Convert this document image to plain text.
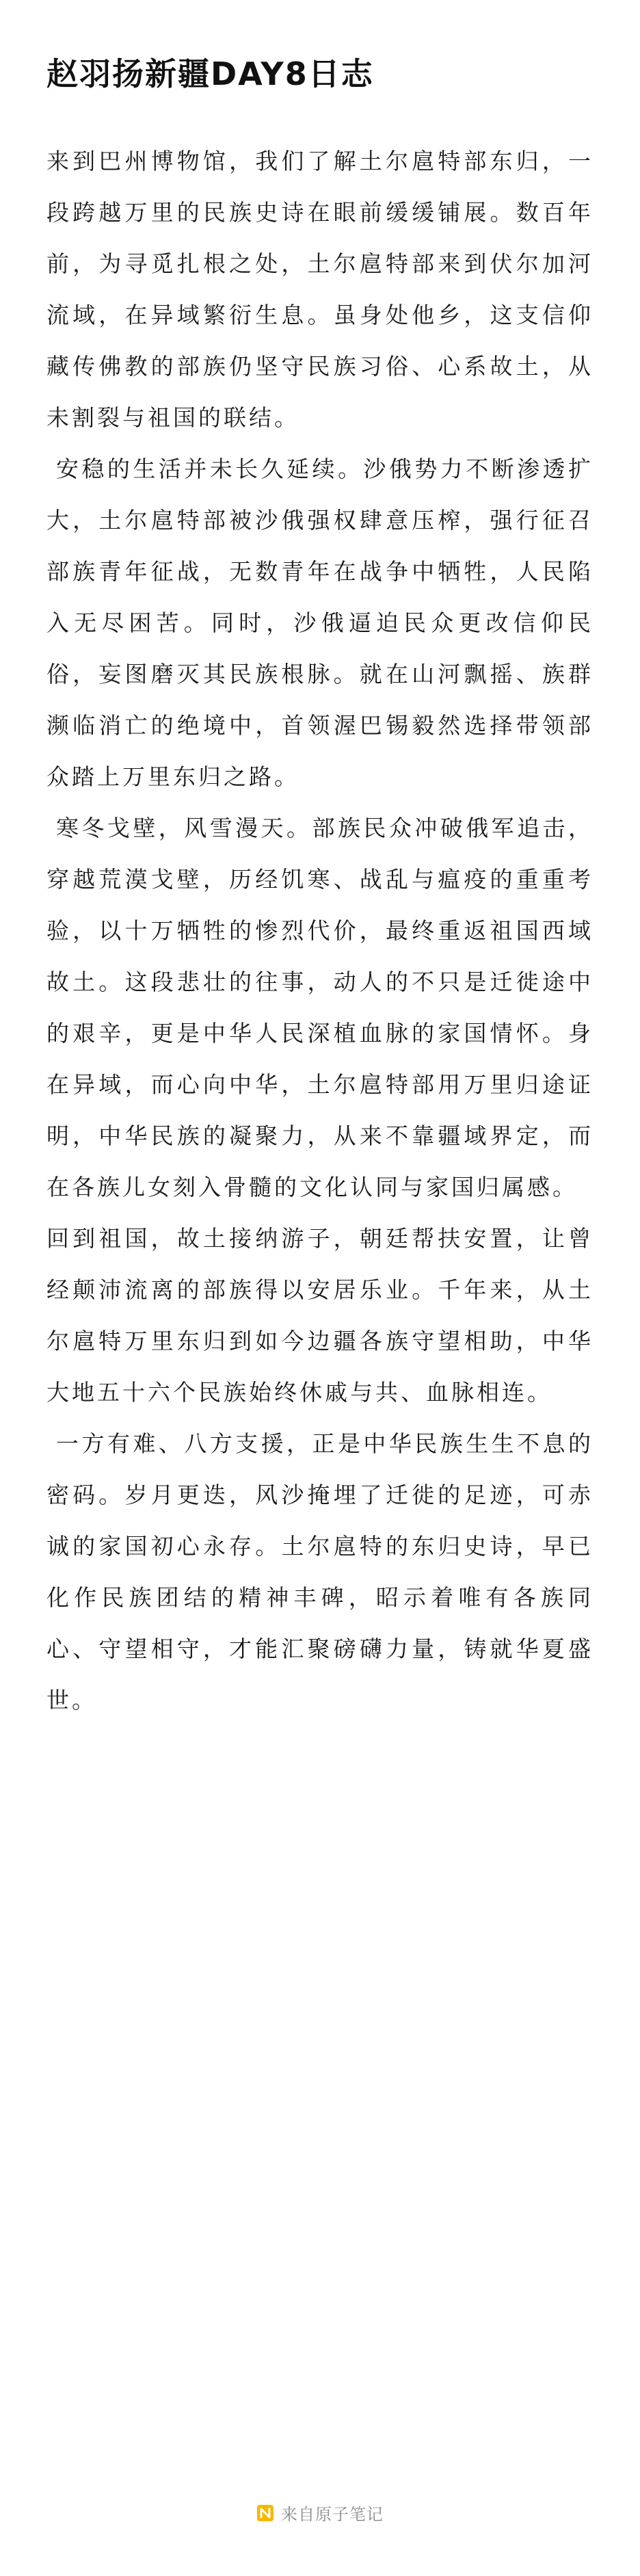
赵羽扬新疆DAY8日志

来到巴州博物馆，我们了解土尔扈特部东归，一段跨越万里的民族史诗在眼前缓缓铺展。数百年前，为寻觅扎根之处，土尔扈特部来到伏尔加河流域，在异域繁衍生息。虽身处他乡，这支信仰藏传佛教的部族仍坚守民族习俗、心系故土，从未割裂与祖国的联结。

安稳的生活并未长久延续。沙俄势力不断渗透扩大，土尔扈特部被沙俄强权肆意压榨，强行征召部族青年征战，无数青年在战争中牺牲，人民陷入无尽困苦。同时，沙俄逼迫民众更改信仰民俗，妄图磨灭其民族根脉。就在山河飘摇、族群濒临消亡的绝境中，首领渥巴锡毅然选择带领部众踏上万里东归之路。

寒冬戈壁，风雪漫天。部族民众冲破俄军追击，穿越荒漠戈壁，历经饥寒、战乱与瘟疫的重重考验，以十万牺牲的惨烈代价，最终重返祖国西域故土。这段悲壮的往事，动人的不只是迁徙途中的艰辛，更是中华人民深植血脉的家国情怀。身在异域，而心向中华，土尔扈特部用万里归途证明，中华民族的凝聚力，从来不靠疆域界定，而在各族儿女刻入骨髓的文化认同与家国归属感。

回到祖国，故土接纳游子，朝廷帮扶安置，让曾经颠沛流离的部族得以安居乐业。千年来，从土尔扈特万里东归到如今边疆各族守望相助，中华大地五十六个民族始终休戚与共、血脉相连。

一方有难、八方支援，正是中华民族生生不息的密码。岁月更迭，风沙掩埋了迁徙的足迹，可赤诚的家国初心永存。土尔扈特的东归史诗，早已化作民族团结的精神丰碑，昭示着唯有各族同心、守望相守，才能汇聚磅礴力量，铸就华夏盛世。

来自原子笔记
